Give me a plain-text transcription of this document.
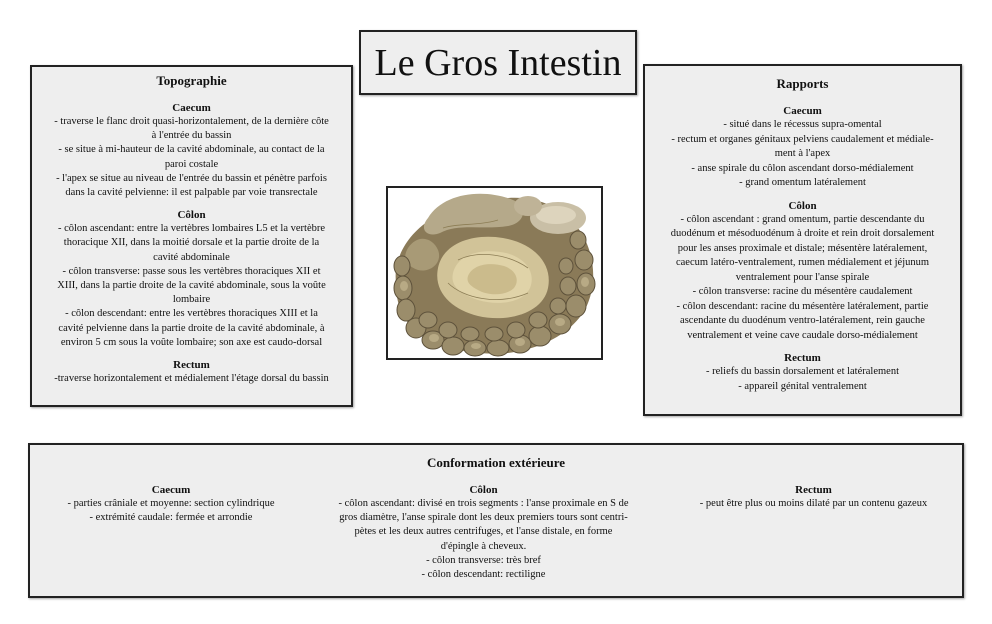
Le Gros Intestin
Topographie
Caecum
- traverse le flanc droit quasi-horizontalement, de la dernière côte
à l'entrée du bassin
- se situe à mi-hauteur de la cavité abdominale, au contact de la
paroi costale
- l'apex se situe au niveau de l'entrée du bassin et pénètre parfois
dans la cavité pelvienne: il est palpable par voie transrectale
Côlon
- côlon ascendant: entre la vertèbres lombaires L5 et la vertèbre
thoracique XII, dans la moitié dorsale et la partie droite de la
cavité abdominale
- côlon transverse: passe sous les vertèbres thoraciques XII et
XIII, dans la partie droite de la cavité abdominale, sous la voûte
lombaire
- côlon descendant: entre les vertèbres thoraciques XIII et la
cavité pelvienne dans la partie droite de la cavité abdominale, à
environ 5 cm sous la voûte lombaire; son axe est caudo-dorsal
Rectum
-traverse horizontalement et médialement l'étage dorsal du bassin
Rapports
Caecum
- situé dans le récessus supra-omental
- rectum et organes génitaux pelviens caudalement et médiale-
ment à l'apex
- anse spirale du côlon ascendant dorso-médialement
- grand omentum latéralement
Côlon
- côlon ascendant : grand omentum, partie descendante du
duodénum et mésoduodénum à droite et rein droit dorsalement
pour les anses proximale et distale; mésentère latéralement,
caecum latéro-ventralement, rumen médialement et jéjunum
ventralement pour l'anse spirale
- côlon transverse: racine du mésentère caudalement
- côlon descendant: racine du mésentère latéralement, partie
ascendante du duodénum ventro-latéralement, rein gauche
ventralement et veine cave caudale dorso-médialement
Rectum
- reliefs du bassin dorsalement et latéralement
- appareil génital ventralement
Conformation extérieure
Caecum
- parties crâniale et moyenne: section cylindrique
- extrémité caudale: fermée et arrondie
Côlon
- côlon ascendant: divisé en trois segments : l'anse proximale en S de
gros diamètre, l'anse spirale dont les deux premiers tours sont centri-
pètes et les deux autres centrifuges, et l'anse distale, en forme
d'épingle à cheveux.
- côlon transverse: très bref
- côlon descendant: rectiligne
Rectum
- peut être plus ou moins dilaté par un contenu gazeux
